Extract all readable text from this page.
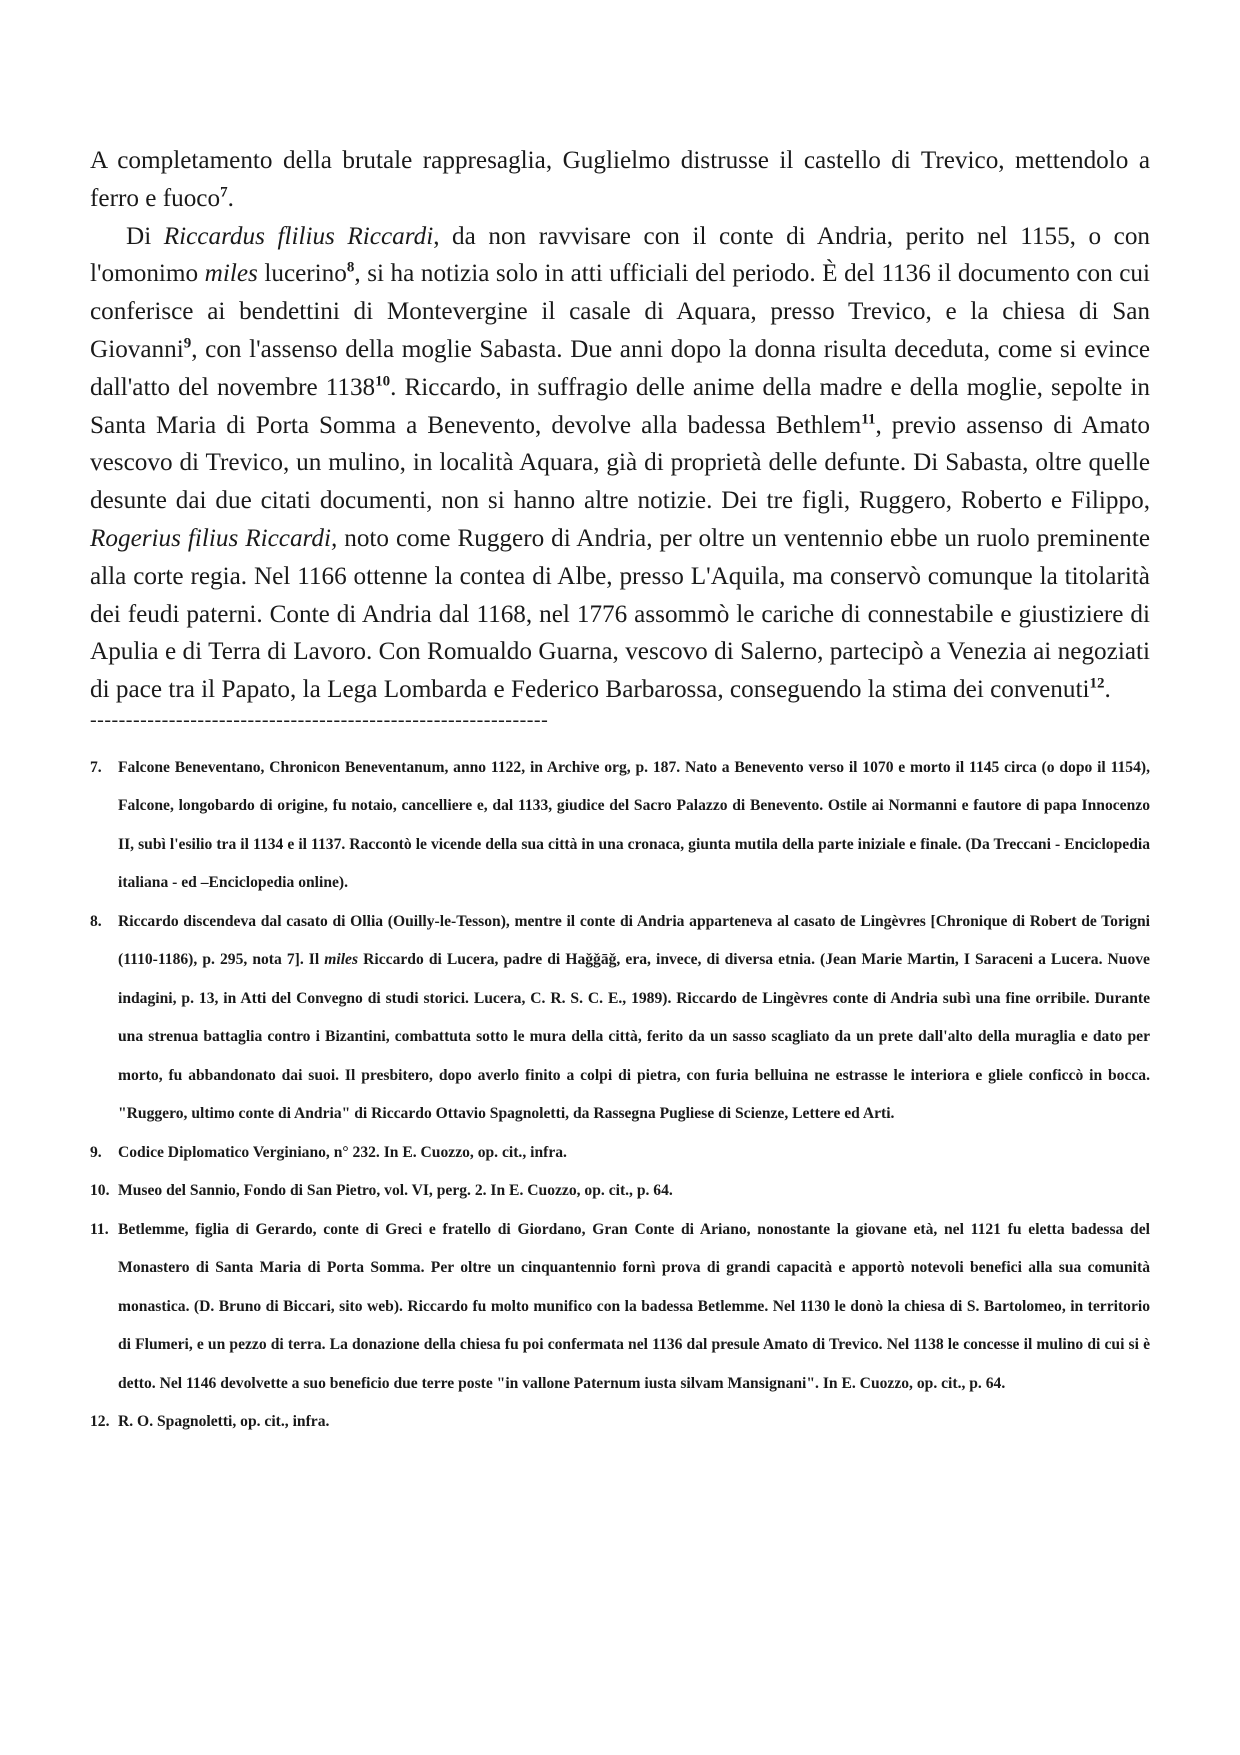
A completamento della brutale rappresaglia, Guglielmo distrusse il castello di Trevico, mettendolo a ferro e fuoco$^7$.

Di Riccardus flilius Riccardi, da non ravvisare con il conte di Andria, perito nel 1155, o con l'omonimo miles lucerino$^8$, si ha notizia solo in atti ufficiali del periodo. È del 1136 il documento con cui conferisce ai bendettini di Montevergine il casale di Aquara, presso Trevico, e la chiesa di San Giovanni$^9$, con l'assenso della moglie Sabasta. Due anni dopo la donna risulta deceduta, come si evince dall'atto del novembre 1138$^{10}$. Riccardo, in suffragio delle anime della madre e della moglie, sepolte in Santa Maria di Porta Somma a Benevento, devolve alla badessa Bethlem$^{11}$, previo assenso di Amato vescovo di Trevico, un mulino, in località Aquara, già di proprietà delle defunte. Di Sabasta, oltre quelle desunte dai due citati documenti, non si hanno altre notizie. Dei tre figli, Ruggero, Roberto e Filippo, Rogerius filius Riccardi, noto come Ruggero di Andria, per oltre un ventennio ebbe un ruolo preminente alla corte regia. Nel 1166 ottenne la contea di Albe, presso L'Aquila, ma conservò comunque la titolarità dei feudi paterni. Conte di Andria dal 1168, nel 1776 assommò le cariche di connestabile e giustiziere di Apulia e di Terra di Lavoro. Con Romualdo Guarna, vescovo di Salerno, partecipò a Venezia ai negoziati di pace tra il Papato, la Lega Lombarda e Federico Barbarossa, conseguendo la stima dei convenuti$^{12}$.

----------------------------------------------------------------
7. Falcone Beneventano, Chronicon Beneventanum, anno 1122, in Archive org, p. 187. Nato a Benevento verso il 1070 e morto il 1145 circa (o dopo il 1154), Falcone, longobardo di origine, fu notaio, cancelliere e, dal 1133, giudice del Sacro Palazzo di Benevento. Ostile ai Normanni e fautore di papa Innocenzo II, subì l'esilio tra il 1134 e il 1137. Raccontò le vicende della sua città in una cronaca, giunta mutila della parte iniziale e finale. (Da Treccani - Enciclopedia italiana - ed –Enciclopedia online).
8. Riccardo discendeva dal casato di Ollia (Ouilly-le-Tesson), mentre il conte di Andria apparteneva al casato de Lingèvres [Chronique di Robert de Torigni (1110-1186), p. 295, nota 7]. Il miles Riccardo di Lucera, padre di Haǧǧāǧ, era, invece, di diversa etnia. (Jean Marie Martin, I Saraceni a Lucera. Nuove indagini, p. 13, in Atti del Convegno di studi storici. Lucera, C. R. S. C. E., 1989). Riccardo de Lingèvres conte di Andria subì una fine orribile. Durante una strenua battaglia contro i Bizantini, combattuta sotto le mura della città, ferito da un sasso scagliato da un prete dall'alto della muraglia e dato per morto, fu abbandonato dai suoi. Il presbitero, dopo averlo finito a colpi di pietra, con furia belluina ne estrasse le interiora e gliele conficcò in bocca. "Ruggero, ultimo conte di Andria" di Riccardo Ottavio Spagnoletti, da Rassegna Pugliese di Scienze, Lettere ed Arti.
9. Codice Diplomatico Verginiano, n° 232. In E. Cuozzo, op. cit., infra.
10. Museo del Sannio, Fondo di San Pietro, vol. VI, perg. 2. In E. Cuozzo, op. cit., p. 64.
11. Betlemme, figlia di Gerardo, conte di Greci e fratello di Giordano, Gran Conte di Ariano, nonostante la giovane età, nel 1121 fu eletta badessa del Monastero di Santa Maria di Porta Somma. Per oltre un cinquantennio fornì prova di grandi capacità e apportò notevoli benefici alla sua comunità monastica. (D. Bruno di Biccari, sito web). Riccardo fu molto munifico con la badessa Betlemme. Nel 1130 le donò la chiesa di S. Bartolomeo, in territorio di Flumeri, e un pezzo di terra. La donazione della chiesa fu poi confermata nel 1136 dal presule Amato di Trevico. Nel 1138 le concesse il mulino di cui si è detto. Nel 1146 devolvette a suo beneficio due terre poste "in vallone Paternum iusta silvam Mansignani". In E. Cuozzo, op. cit., p. 64.
12. R. O. Spagnoletti, op. cit., infra.
